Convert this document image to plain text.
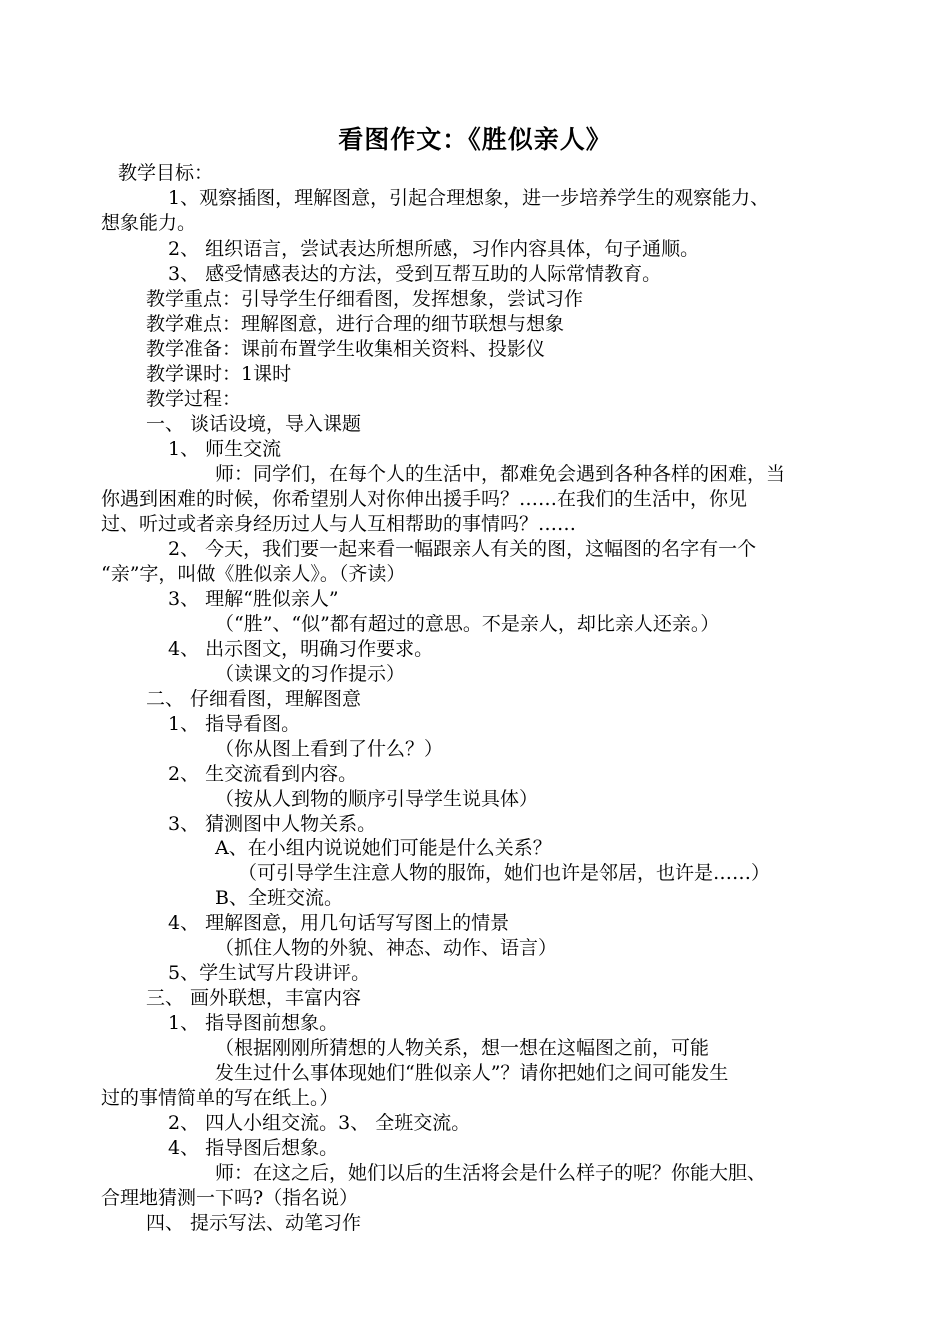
看图作文：《胜似亲人》
教学目标：
1、观察插图，理解图意，引起合理想象，进一步培养学生的观察能力、
想象能力。
2、 组织语言，尝试表达所想所感，习作内容具体，句子通顺。
3、 感受情感表达的方法，受到互帮互助的人际常情教育。
教学重点：引导学生仔细看图，发挥想象，尝试习作
教学难点：理解图意，进行合理的细节联想与想象
教学准备：课前布置学生收集相关资料、投影仪
教学课时：1课时
教学过程：
一、 谈话设境，导入课题
1、 师生交流
师：同学们，在每个人的生活中，都难免会遇到各种各样的困难，当
你遇到困难的时候，你希望别人对你伸出援手吗？……在我们的生活中，你见
过、听过或者亲身经历过人与人互相帮助的事情吗？……
2、 今天，我们要一起来看一幅跟亲人有关的图，这幅图的名字有一个
“亲”字，叫做《胜似亲人》。（齐读）
3、 理解“胜似亲人”
（“胜”、“似”都有超过的意思。不是亲人，却比亲人还亲。）
4、 出示图文，明确习作要求。
（读课文的习作提示）
二、 仔细看图，理解图意
1、 指导看图。
（你从图上看到了什么？）
2、 生交流看到内容。
（按从人到物的顺序引导学生说具体）
3、 猜测图中人物关系。
A、在小组内说说她们可能是什么关系？
（可引导学生注意人物的服饰，她们也许是邻居，也许是……）
B、全班交流。
4、 理解图意，用几句话写写图上的情景
（抓住人物的外貌、神态、动作、语言）
5、学生试写片段讲评。
三、 画外联想，丰富内容
1、 指导图前想象。
（根据刚刚所猜想的人物关系，想一想在这幅图之前，可能
发生过什么事体现她们“胜似亲人”？请你把她们之间可能发生
过的事情简单的写在纸上。）
2、 四人小组交流。3、 全班交流。
4、 指导图后想象。
师：在这之后，她们以后的生活将会是什么样子的呢？你能大胆、
合理地猜测一下吗?（指名说）
四、 提示写法、动笔习作
